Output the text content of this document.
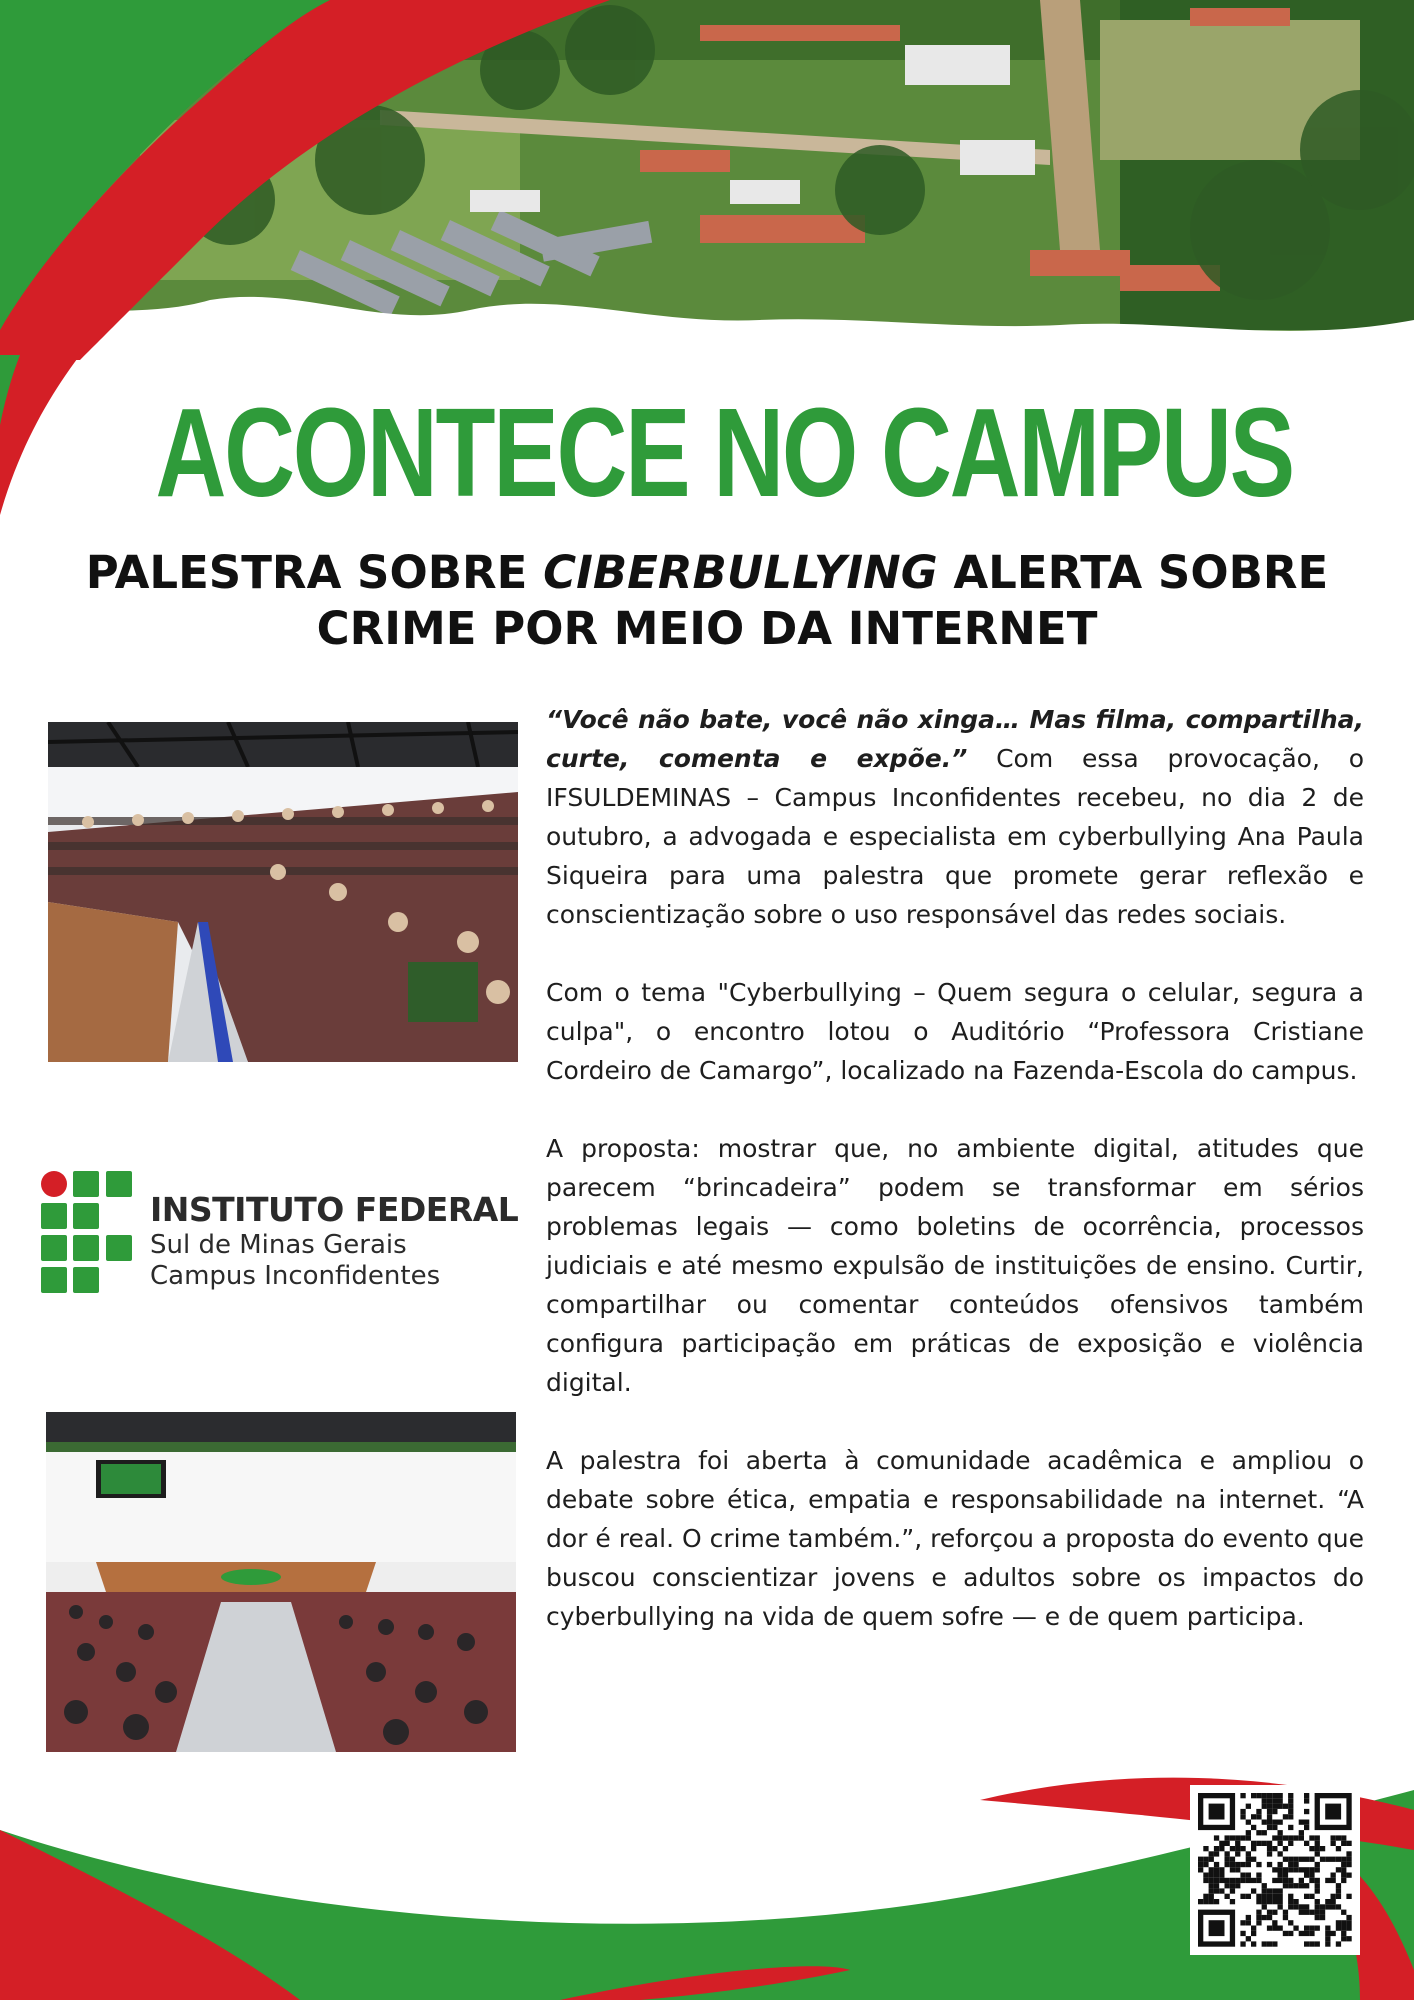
ACONTECE NO CAMPUS
PALESTRA SOBRE CIBERBULLYING ALERTA SOBRE CRIME POR MEIO DA INTERNET
INSTITUTO FEDERAL
Sul de Minas Gerais
Campus Inconfidentes

“Você não bate, você não xinga… Mas filma, compartilha, curte, comenta e expõe.” Com essa provocação, o IFSULDEMINAS – Campus Inconfidentes recebeu, no dia 2 de outubro, a advogada e especialista em cyberbullying Ana Paula Siqueira para uma palestra que promete gerar reflexão e conscientização sobre o uso responsável das redes sociais.

Com o tema "Cyberbullying – Quem segura o celular, segura a culpa", o encontro lotou o Auditório “Professora Cristiane Cordeiro de Camargo”, localizado na Fazenda-Escola do campus.

A proposta: mostrar que, no ambiente digital, atitudes que parecem “brincadeira” podem se transformar em sérios problemas legais — como boletins de ocorrência, processos judiciais e até mesmo expulsão de instituições de ensino. Curtir, compartilhar ou comentar conteúdos ofensivos também configura participação em práticas de exposição e violência digital.

A palestra foi aberta à comunidade acadêmica e ampliou o debate sobre ética, empatia e responsabilidade na internet. “A dor é real. O crime também.”, reforçou a proposta do evento que buscou conscientizar jovens e adultos sobre os impactos do cyberbullying na vida de quem sofre — e de quem participa.
